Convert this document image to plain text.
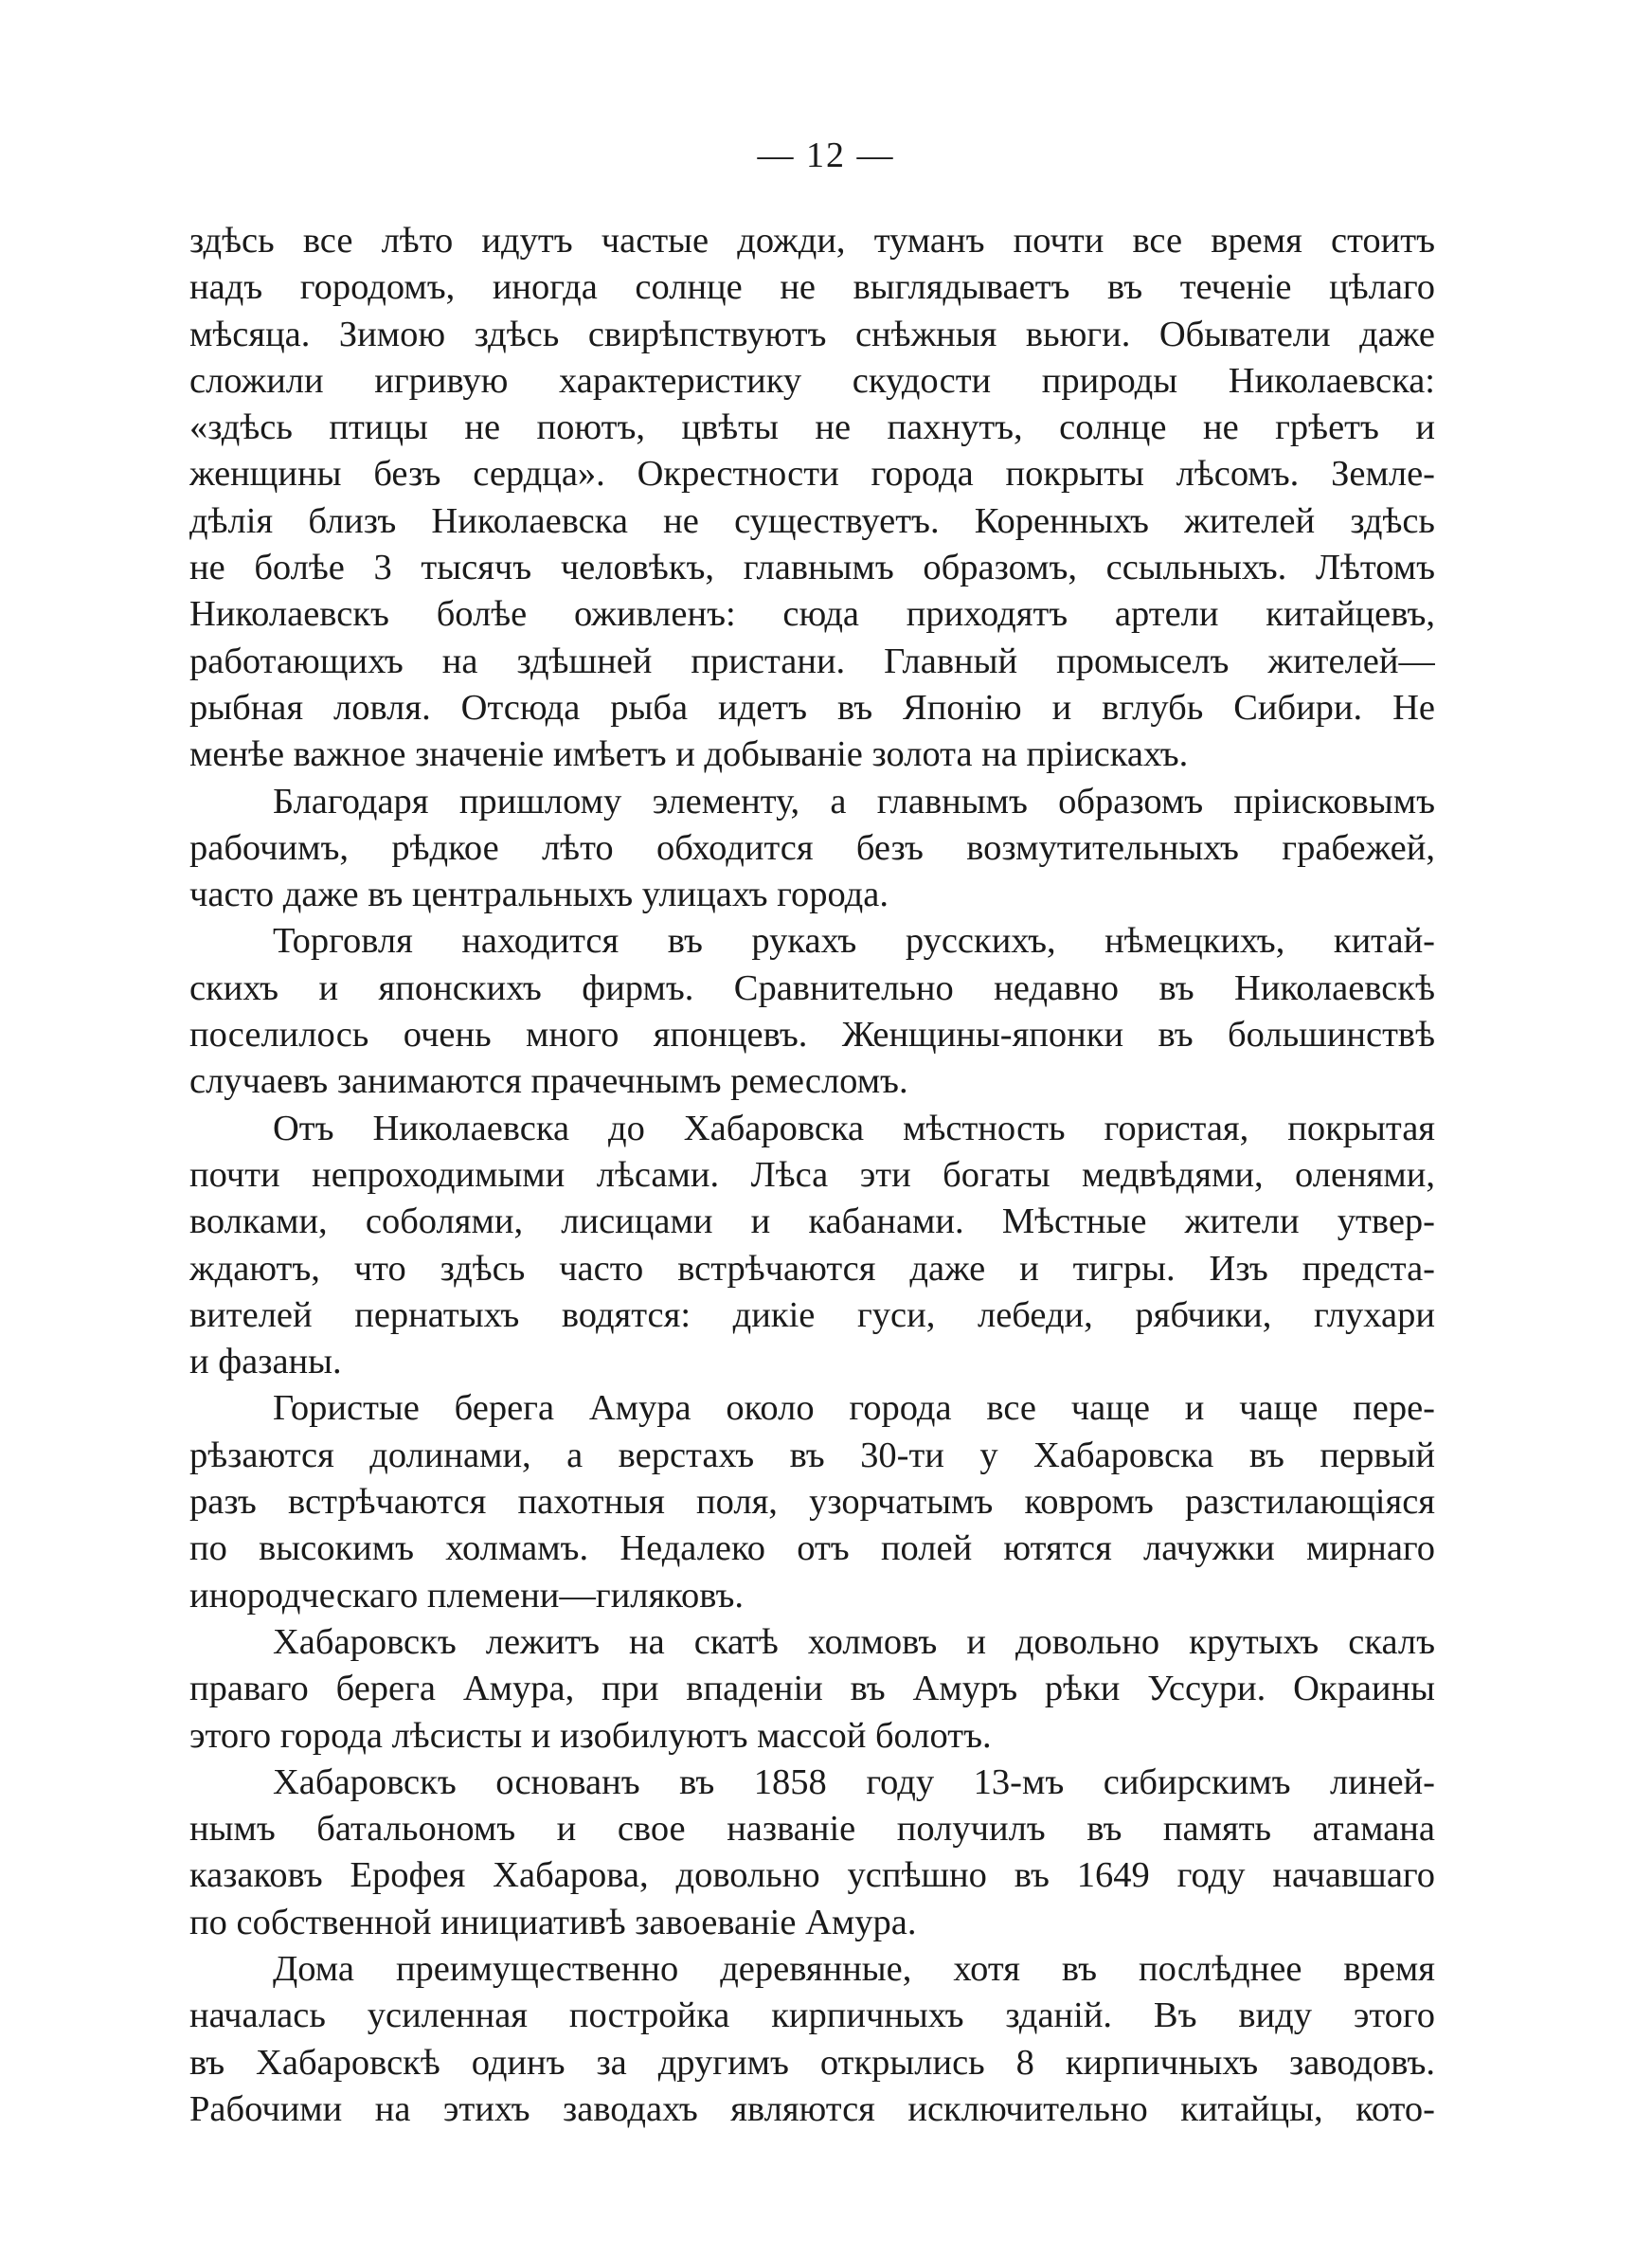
— 12 —
здѣсь все лѣто идутъ частые дожди, туманъ почти все время стоитъ
надъ городомъ, иногда солнце не выглядываетъ въ теченіе цѣлаго
мѣсяца. Зимою здѣсь свирѣпствуютъ снѣжныя вьюги. Обыватели даже
сложили игривую характеристику скудости природы Николаевска:
«здѣсь птицы не поютъ, цвѣты не пахнутъ, солнце не грѣетъ и
женщины безъ сердца». Окрестности города покрыты лѣсомъ. Земле-
дѣлія близъ Николаевска не существуетъ. Коренныхъ жителей здѣсь
не болѣе 3 тысячъ человѣкъ, главнымъ образомъ, ссыльныхъ. Лѣтомъ
Николаевскъ болѣе оживленъ: сюда приходятъ артели китайцевъ,
работающихъ на здѣшней пристани. Главный промыселъ жителей—
рыбная ловля. Отсюда рыба идетъ въ Японію и вглубь Сибири. Не
менѣе важное значеніе имѣетъ и добываніе золота на пріискахъ.
Благодаря пришлому элементу, а главнымъ образомъ пріисковымъ
рабочимъ, рѣдкое лѣто обходится безъ возмутительныхъ грабежей,
часто даже въ центральныхъ улицахъ города.
Торговля находится въ рукахъ русскихъ, нѣмецкихъ, китай-
скихъ и японскихъ фирмъ. Сравнительно недавно въ Николаевскѣ
поселилось очень много японцевъ. Женщины-японки въ большинствѣ
случаевъ занимаются прачечнымъ ремесломъ.
Отъ Николаевска до Хабаровска мѣстность гористая, покрытая
почти непроходимыми лѣсами. Лѣса эти богаты медвѣдями, оленями,
волками, соболями, лисицами и кабанами. Мѣстные жители утвер-
ждаютъ, что здѣсь часто встрѣчаются даже и тигры. Изъ предста-
вителей пернатыхъ водятся: дикіе гуси, лебеди, рябчики, глухари
и фазаны.
Гористые берега Амура около города все чаще и чаще пере-
рѣзаются долинами, а верстахъ въ 30-ти у Хабаровска въ первый
разъ встрѣчаются пахотныя поля, узорчатымъ ковромъ разстилающіяся
по высокимъ холмамъ. Недалеко отъ полей ютятся лачужки мирнаго
инородческаго племени—гиляковъ.
Хабаровскъ лежитъ на скатѣ холмовъ и довольно крутыхъ скалъ
праваго берега Амура, при впаденіи въ Амуръ рѣки Уссури. Окраины
этого города лѣсисты и изобилуютъ массой болотъ.
Хабаровскъ основанъ въ 1858 году 13-мъ сибирскимъ линей-
нымъ батальономъ и свое названіе получилъ въ память атамана
казаковъ Ерофея Хабарова, довольно успѣшно въ 1649 году начавшаго
по собственной инициативѣ завоеваніе Амура.
Дома преимущественно деревянные, хотя въ послѣднее время
началась усиленная постройка кирпичныхъ зданій. Въ виду этого
въ Хабаровскѣ одинъ за другимъ открылись 8 кирпичныхъ заводовъ.
Рабочими на этихъ заводахъ являются исключительно китайцы, кото-
